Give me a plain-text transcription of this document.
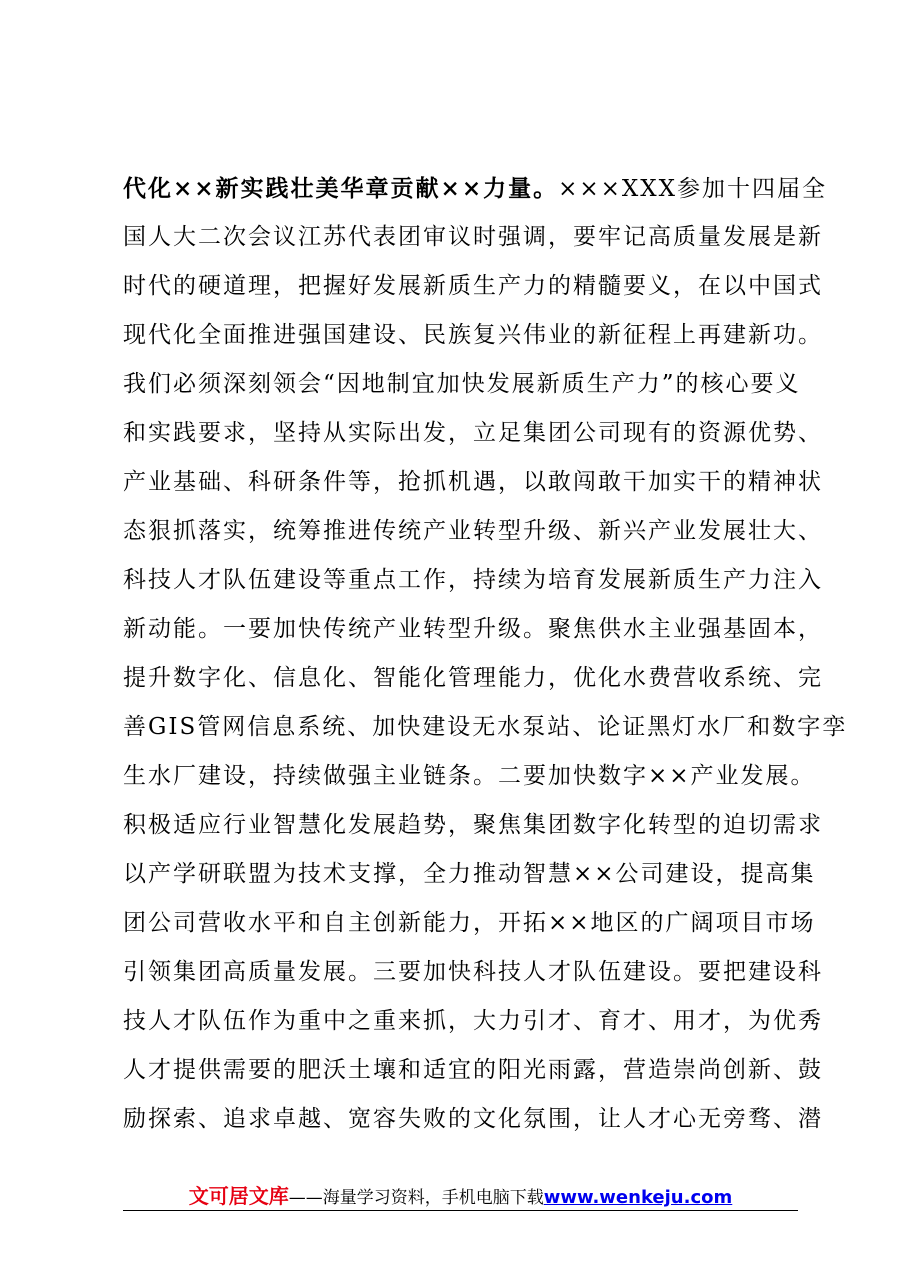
代化××新实践壮美华章贡献××力量。×××XXX参加十四届全
国人大二次会议江苏代表团审议时强调，要牢记高质量发展是新
时代的硬道理，把握好发展新质生产力的精髓要义，在以中国式
现代化全面推进强国建设、民族复兴伟业的新征程上再建新功。
我们必须深刻领会“因地制宜加快发展新质生产力”的核心要义
和实践要求，坚持从实际出发，立足集团公司现有的资源优势、
产业基础、科研条件等，抢抓机遇，以敢闯敢干加实干的精神状
态狠抓落实，统筹推进传统产业转型升级、新兴产业发展壮大、
科技人才队伍建设等重点工作，持续为培育发展新质生产力注入
新动能。一要加快传统产业转型升级。聚焦供水主业强基固本，
提升数字化、信息化、智能化管理能力，优化水费营收系统、完
善GIS管网信息系统、加快建设无水泵站、论证黑灯水厂和数字孪
生水厂建设，持续做强主业链条。二要加快数字××产业发展。
积极适应行业智慧化发展趋势，聚焦集团数字化转型的迫切需求
以产学研联盟为技术支撑，全力推动智慧××公司建设，提高集
团公司营收水平和自主创新能力，开拓××地区的广阔项目市场
引领集团高质量发展。三要加快科技人才队伍建设。要把建设科
技人才队伍作为重中之重来抓，大力引才、育才、用才，为优秀
人才提供需要的肥沃土壤和适宜的阳光雨露，营造崇尚创新、鼓
励探索、追求卓越、宽容失败的文化氛围，让人才心无旁骛、潜
文可居文库——海量学习资料，手机电脑下载www.wenkeju.com
